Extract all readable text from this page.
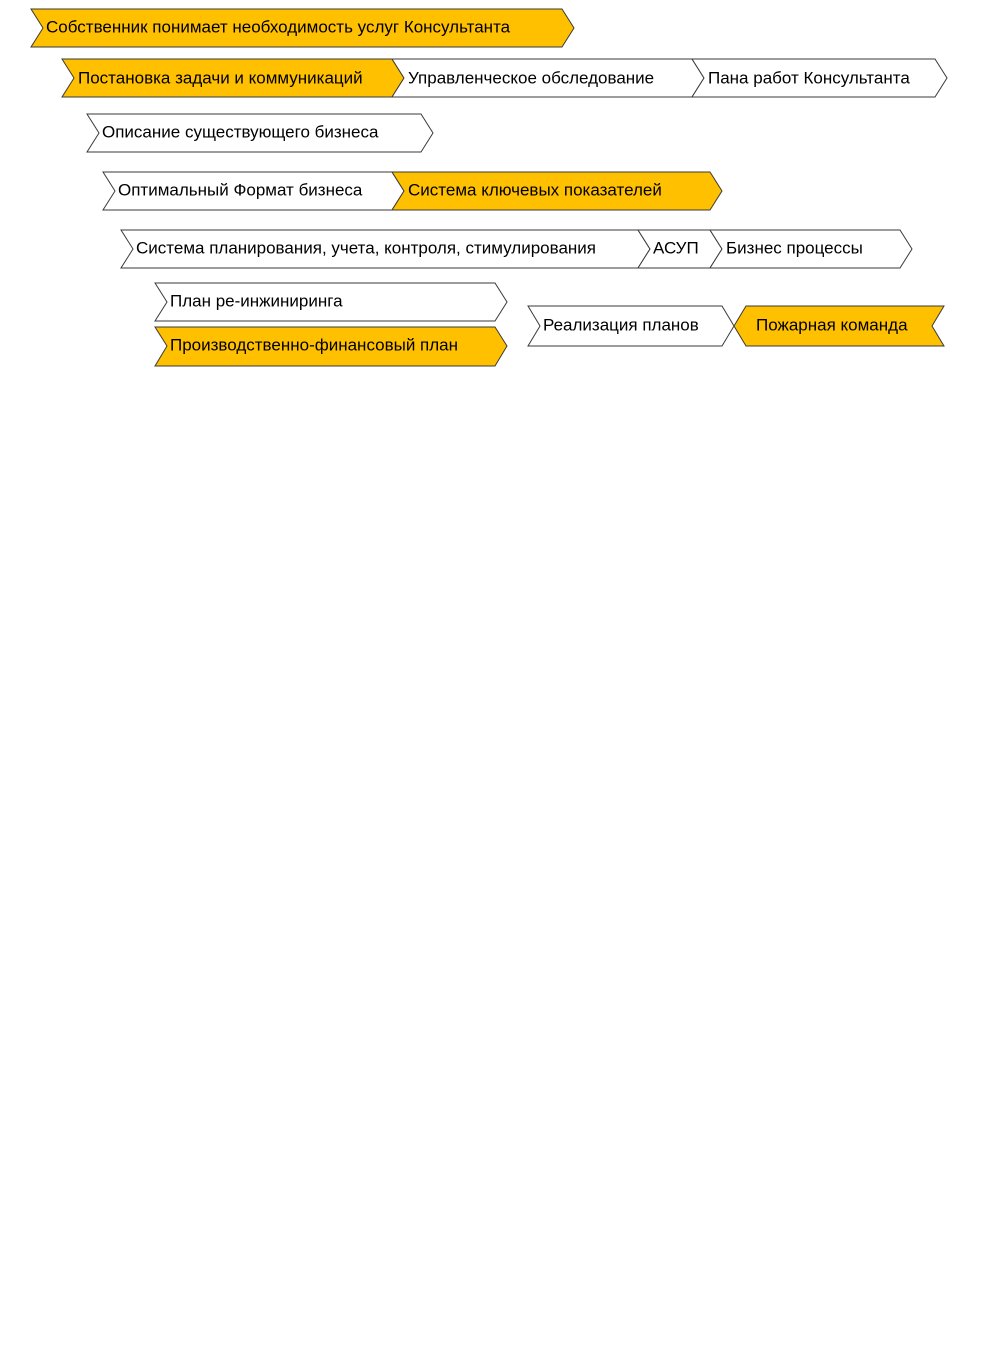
Собственник понимает необходимость услуг Консультанта
Постановка задачи и коммуникаций	Управленческое обследование	Пана работ Консультанта
Описание существующего бизнеса
Оптимальный Формат бизнеса	Система ключевых показателей
Система планирования, учета, контроля, стимулирования	АСУП Бизнес процессы
План ре-инжиниринга
Производственно-финансовый план
Реализация планов	Пожарная команда
